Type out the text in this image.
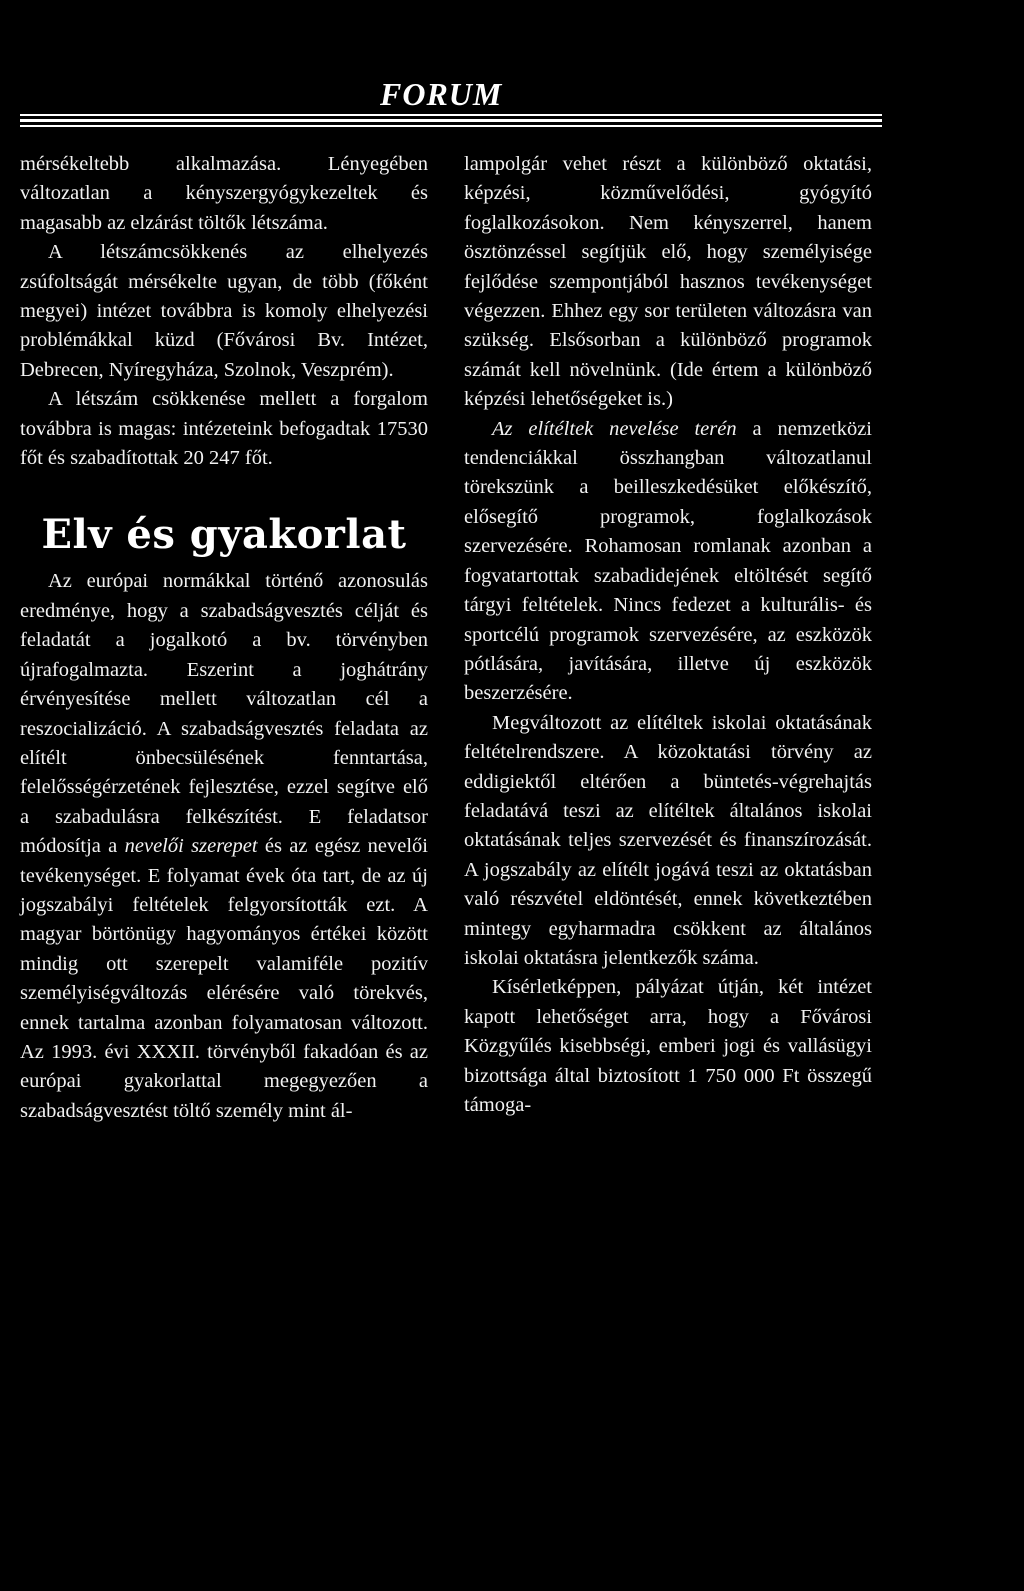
FORUM

mérsékeltebb alkalmazása. Lényegében változatlan a kényszergyógykezeltek és magasabb az elzárást töltők létszáma.

A létszámcsökkenés az elhelyezés zsúfoltságát mérsékelte ugyan, de több (főként megyei) intézet továbbra is komoly elhelyezési problémákkal küzd (Fővárosi Bv. Intézet, Debrecen, Nyíregyháza, Szolnok, Veszprém).

A létszám csökkenése mellett a forgalom továbbra is magas: intézeteink befogadtak 17530 főt és szabadítottak 20 247 főt.

Elv és gyakorlat

Az európai normákkal történő azonosulás eredménye, hogy a szabadságvesztés célját és feladatát a jogalkotó a bv. törvényben újrafogalmazta. Eszerint a joghátrány érvényesítése mellett változatlan cél a reszocializáció. A szabadságvesztés feladata az elítélt önbecsülésének fenntartása, felelősségérzetének fejlesztése, ezzel segítve elő a szabadulásra felkészítést. E feladatsor módosítja a nevelői szerepet és az egész nevelői tevékenységet. E folyamat évek óta tart, de az új jogszabályi feltételek felgyorsították ezt. A magyar börtönügy hagyományos értékei között mindig ott szerepelt valamiféle pozitív személyiségváltozás elérésére való törekvés, ennek tartalma azonban folyamatosan változott. Az 1993. évi XXXII. törvényből fakadóan és az európai gyakorlattal megegyezően a szabadságvesztést töltő személy mint ál-

lampolgár vehet részt a különböző oktatási, képzési, közművelődési, gyógyító foglalkozásokon. Nem kényszerrel, hanem ösztönzéssel segítjük elő, hogy személyisége fejlődése szempontjából hasznos tevékenységet végezzen. Ehhez egy sor területen változásra van szükség. Elsősorban a különböző programok számát kell növelnünk. (Ide értem a különböző képzési lehetőségeket is.)

Az elítéltek nevelése terén a nemzetközi tendenciákkal összhangban változatlanul törekszünk a beilleszkedésüket előkészítő, elősegítő programok, foglalkozások szervezésére. Rohamosan romlanak azonban a fogvatartottak szabadidejének eltöltését segítő tárgyi feltételek. Nincs fedezet a kulturális- és sportcélú programok szervezésére, az eszközök pótlására, javítására, illetve új eszközök beszerzésére.

Megváltozott az elítéltek iskolai oktatásának feltételrendszere. A közoktatási törvény az eddigiektől eltérően a büntetés-végrehajtás feladatává teszi az elítéltek általános iskolai oktatásának teljes szervezését és finanszírozását. A jogszabály az elítélt jogává teszi az oktatásban való részvétel eldöntését, ennek következtében mintegy egyharmadra csökkent az általános iskolai oktatásra jelentkezők száma.

Kísérletképpen, pályázat útján, két intézet kapott lehetőséget arra, hogy a Fővárosi Közgyűlés kisebbségi, emberi jogi és vallásügyi bizottsága által biztosított 1 750 000 Ft összegű támoga-
